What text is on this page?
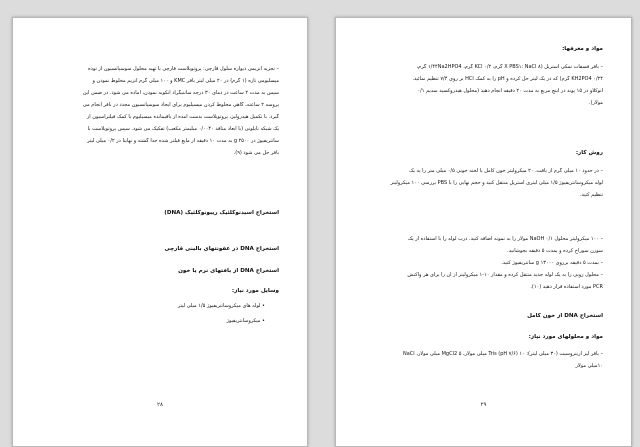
– تجزیه آنزیمی دیواره سلول قارچی: پروتوپلاست قارچی با تهیه محلول سوسپانسیون از توده
میسلیومی تازه (۱ گرم) در ۲۰ میلی لیتر بافر KMC و ۱۰۰ میلی گرم آنزیم مخلوط نمودن و
سپس به مدت ۲ ساعت در دمای ۳۰ درجه سانتیگراد انکوبه نمودن، آماده می شود. در ضمن این
پروسه ۲ ساعته، گاهی مخلوط کردن میسیلیوم برای ایجاد سوسپانسیون مجدد در بافر انجام می
گیرد. با تکمیل هیدرولیز، پروتوپلاست بدست آمده از باقیمانده میسیلیوم با کمک فیلتراسیون از
یک شبکه نایلونی (با ابعاد منافذ ۰/۰۰۴۰ میلیمتر مکعب) تفکیک می شود. سپس پروتوپلاست با
سانتریفیوژ در g ۲۵۰۰ به مدت ۱۰ دقیقه از مایع فیلتر شده جدا گشته و نهایتا در ۰/۲ میلی لیتر
بافر حل می شود (۹).
استخراج اسیدنوکلئیک ریبونوکلئیک (DNA)
استخراج DNA در عفونتهای بالینی قارچی
استخراج DNA از بافتهای نرم یا خون
وسایل مورد نیاز:
• لوله های میکروسانتریفیوژ ۱/۵ میلی لیتر
• میکروسانتریفیوژ
۲۸
مواد و معرفها:
– بافر فسفات نمکی استریل (X PBS۱: NaCl ۸ گرم، KCl ۰/۲ گرم، ۱/۴۴Na2HPO4 گرم،
KH2PO4 ۰/۲۴ گرم) که در یک لیتر حل کرده و pH را به کمک HCl بر روی ۷/۴ تنظیم نمائید.
اتوکلاو در ۱۵ پوند در اینچ مربع به مدت ۲۰ دقیقه انجام دهید (محلول هیدروکسید سدیم ۰/۱
مولار).
روش کار:
– در حدود ۱۰ میلی گرم از بافت، ۲۰ میکرولیتر خون کامل یا لخته خونی ۰/۵ میلی متر را به یک
لوله میکروسانتریفیوژ ۱/۵ میلی لیتری استریل منتقل کنید و حجم نهایی را با PBS بررسی ۱۰۰ میکرولیتر
تنظیم کنید.
– ۱۰۰ میکرولیتر محلول NaOH ۰/۱ مولار را به نمونه اضافه کنید. درب لوله را با استفاده از یک
سوزن سوراخ کرده و بمدت ۵ دقیقه بجوشانید.
– بمدت ۵ دقیقه برروی ۱۳۰۰۰ g سانتریفیوژ کنید.
– محلول رویی را به یک لوله جدید منتقل کرده و مقدار ۱۰-۱ میکرولیتر از آن را برای هر واکنش
PCR مورد استفاده قرار دهید (۱۰).
استخراج DNA از خون کامل
مواد و محلولهای مورد نیاز:
– بافر لیز اریتروسیت (۳۰ میلی لیتر): Tris (pH ۷/۶) ۱۰ میلی مولار، MgCl2 ۵ میلی مولار، NaCl
۱۰میلی مولار
۲۹
